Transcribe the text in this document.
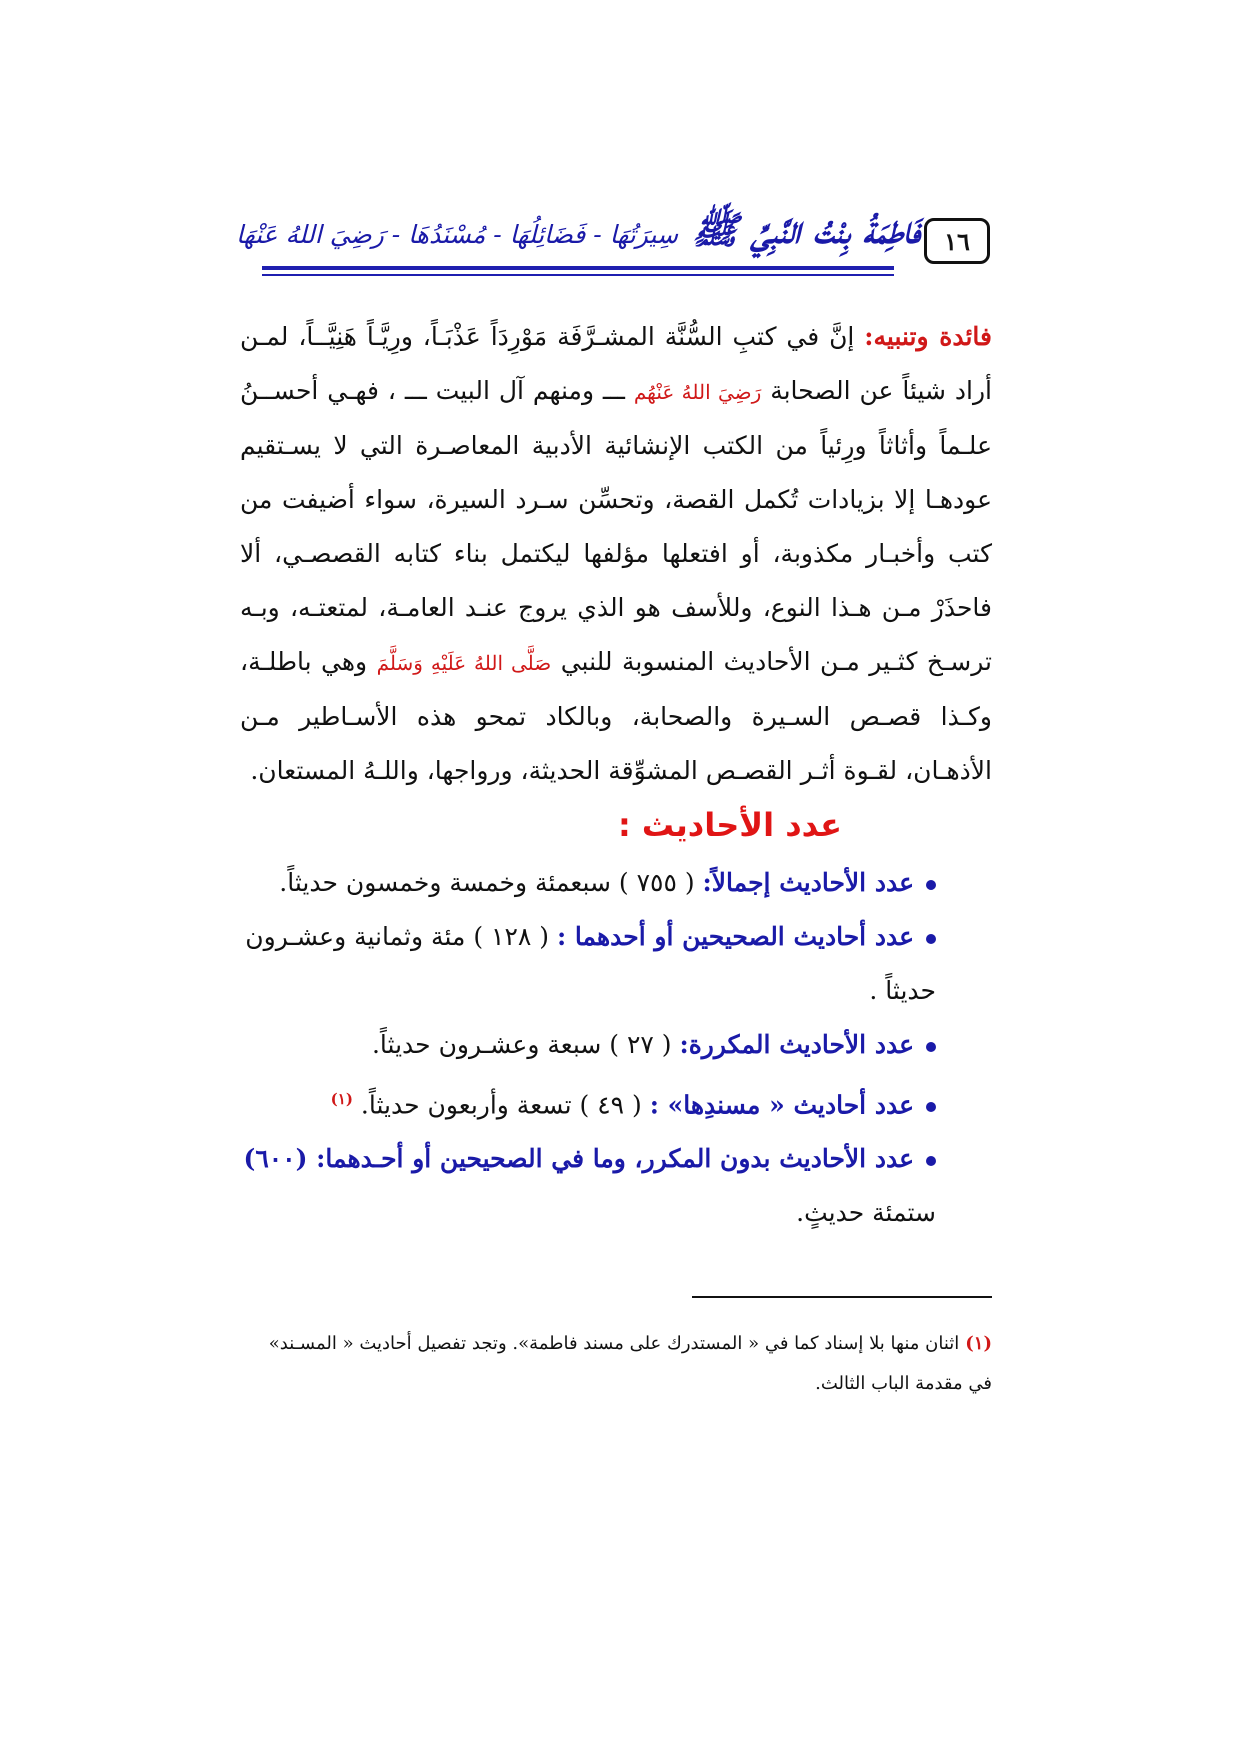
١٦
فَاطِمَةُ بِنْتُ النَّبِيِّ ﷺ
سِيرَتُهَا - فَضَائِلُهَا - مُسْنَدُهَا - رَضِيَ اللهُ عَنْهَا

فائدة وتنبيه: إنَّ في كتبِ السُّنَّة المشـرَّفَة مَوْرِدَاً عَذْبَـاً، ورِيَّـاً هَنِيَّــاً، لمـن أراد شيئاً عن الصحابة رَضِيَ اللهُ عَنْهُم ـــ ومنهم آل البيت ـــ ، فهـي أحســنُ علـماً وأثاثاً ورِئياً من الكتب الإنشائية الأدبية المعاصـرة التي لا يسـتقيم عودهـا إلا بزيادات تُكمل القصة، وتحسِّن سـرد السيرة، سواء أضيفت من كتب وأخبـار مكذوبة، أو افتعلها مؤلفها ليكتمل بناء كتابه القصصـي، ألا فاحذَرْ مـن هـذا النوع، وللأسف هو الذي يروج عنـد العامـة، لمتعتـه، وبـه ترسـخ كثـير مـن الأحاديث المنسوبة للنبي صَلَّى اللهُ عَلَيْهِ وَسَلَّمَ وهي باطلـة، وكـذا قصـص السـيرة والصحابة، وبالكاد تمحو هذه الأسـاطير مـن الأذهـان، لقـوة أثـر القصـص المشوِّقة الحديثة، ورواجها، واللـهُ المستعان.

عدد الأحاديث :
عدد الأحاديث إجمالاً: ( ٧٥٥ ) سبعمئة وخمسة وخمسون حديثاً.
عدد أحاديث الصحيحين أو أحدهما : ( ١٢٨ ) مئة وثمانية وعشـرون حديثاً .
عدد الأحاديث المكررة: ( ٢٧ ) سبعة وعشـرون حديثاً.
عدد أحاديث « مسندِها» : ( ٤٩ ) تسعة وأربعون حديثاً. $^{(١)}$
عدد الأحاديث بدون المكرر، وما في الصحيحين أو أحـدهما: (٦٠٠) ستمئة حديثٍ.
(١)اثنان منها بلا إسناد كما في « المستدرك على مسند فاطمة». وتجد تفصيل أحاديث « المسـند» في مقدمة الباب الثالث.
